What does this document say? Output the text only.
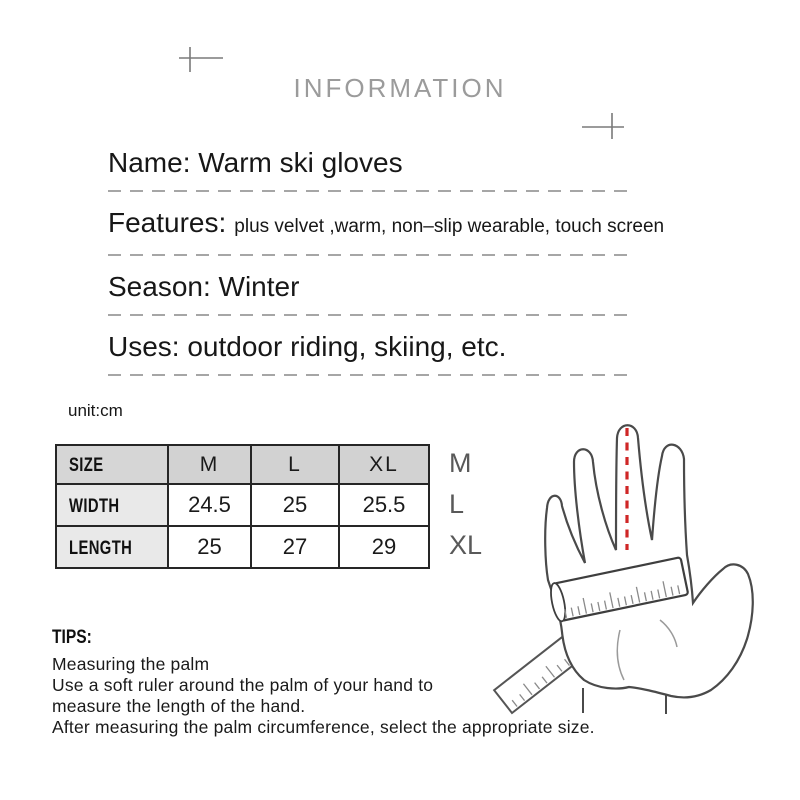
INFORMATION
Name: Warm ski gloves
Features: plus velvet ,warm, non–slip wearable, touch screen
Season: Winter
Uses: outdoor riding, skiing, etc.
unit:cm
SIZE	M	L	XL
WIDTH	24.5	25	25.5
LENGTH	25	27	29
M
L
XL
TIPS:
Measuring the palm
Use a soft ruler around the palm of your hand to
measure the length of the hand.
After measuring the palm circumference, select the appropriate size.
